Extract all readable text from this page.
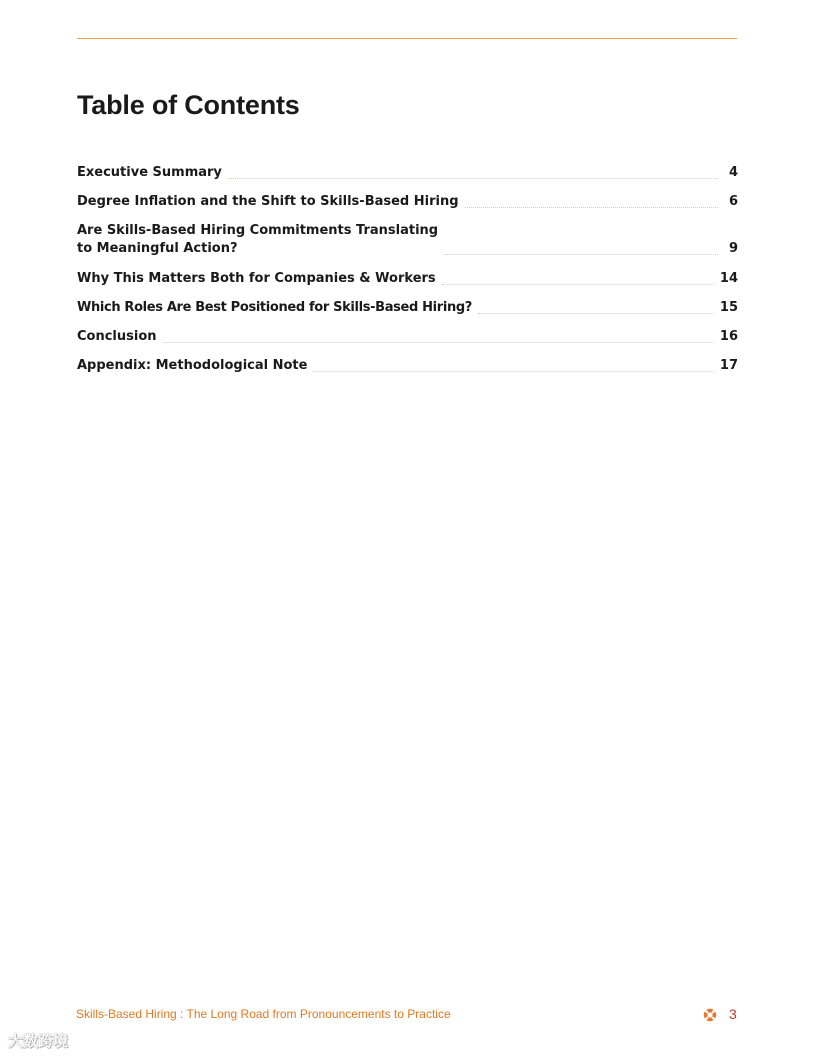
Table of Contents
Executive Summary	4
Degree Inflation and the Shift to Skills-Based Hiring	6
Are Skills-Based Hiring Commitments Translating
to Meaningful Action?	9
Why This Matters Both for Companies & Workers	14
Which Roles Are Best Positioned for Skills-Based Hiring?	15
Conclusion	16
Appendix: Methodological Note	17
Skills-Based Hiring : The Long Road from Pronouncements to Practice	3
大数跨境
